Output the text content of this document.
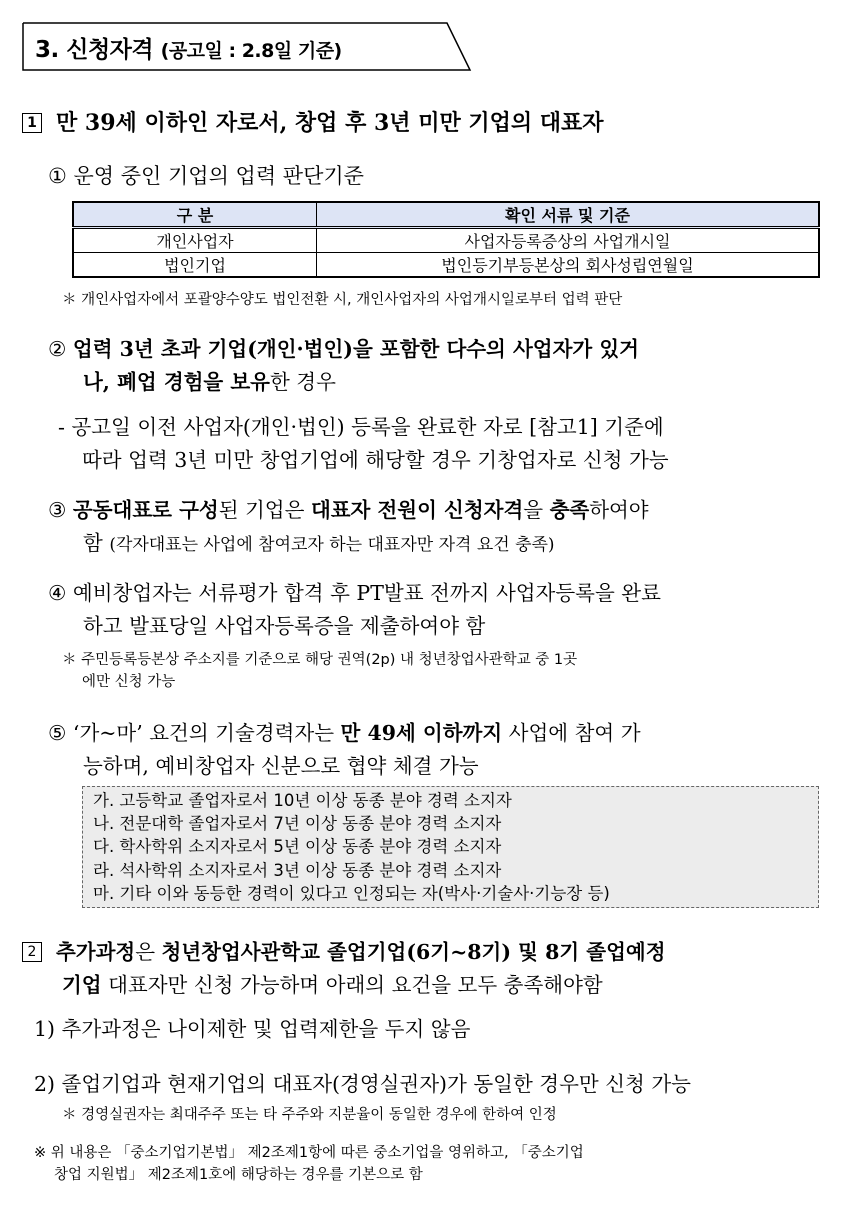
3. 신청자격 (공고일 : 2.8일 기준)
1 만 39세 이하인 자로서, 창업 후 3년 미만 기업의 대표자
① 운영 중인 기업의 업력 판단기준
구 분	확인 서류 및 기준
개인사업자	사업자등록증상의 사업개시일
법인기업	법인등기부등본상의 회사성립연월일
＊ 개인사업자에서 포괄양수양도 법인전환 시, 개인사업자의 사업개시일로부터 업력 판단
② 업력 3년 초과 기업(개인·법인)을 포함한 다수의 사업자가 있거
나, 폐업 경험을 보유한 경우
- 공고일 이전 사업자(개인·법인) 등록을 완료한 자로 [참고1] 기준에
따라 업력 3년 미만 창업기업에 해당할 경우 기창업자로 신청 가능
③ 공동대표로 구성된 기업은 대표자 전원이 신청자격을 충족하여야
함 (각자대표는 사업에 참여코자 하는 대표자만 자격 요건 충족)
④ 예비창업자는 서류평가 합격 후 PT발표 전까지 사업자등록을 완료
하고 발표당일 사업자등록증을 제출하여야 함
＊ 주민등록등본상 주소지를 기준으로 해당 권역(2p) 내 청년창업사관학교 중 1곳
에만 신청 가능
⑤ ‘가~마’ 요건의 기술경력자는 만 49세 이하까지 사업에 참여 가
능하며, 예비창업자 신분으로 협약 체결 가능
가. 고등학교 졸업자로서 10년 이상 동종 분야 경력 소지자
나. 전문대학 졸업자로서 7년 이상 동종 분야 경력 소지자
다. 학사학위 소지자로서 5년 이상 동종 분야 경력 소지자
라. 석사학위 소지자로서 3년 이상 동종 분야 경력 소지자
마. 기타 이와 동등한 경력이 있다고 인정되는 자(박사·기술사·기능장 등)
2 추가과정은 청년창업사관학교 졸업기업(6기~8기) 및 8기 졸업예정
기업 대표자만 신청 가능하며 아래의 요건을 모두 충족해야함
1) 추가과정은 나이제한 및 업력제한을 두지 않음
2) 졸업기업과 현재기업의 대표자(경영실권자)가 동일한 경우만 신청 가능
＊ 경영실권자는 최대주주 또는 타 주주와 지분율이 동일한 경우에 한하여 인정
※ 위 내용은 「중소기업기본법」 제2조제1항에 따른 중소기업을 영위하고, 「중소기업
창업 지원법」 제2조제1호에 해당하는 경우를 기본으로 함
